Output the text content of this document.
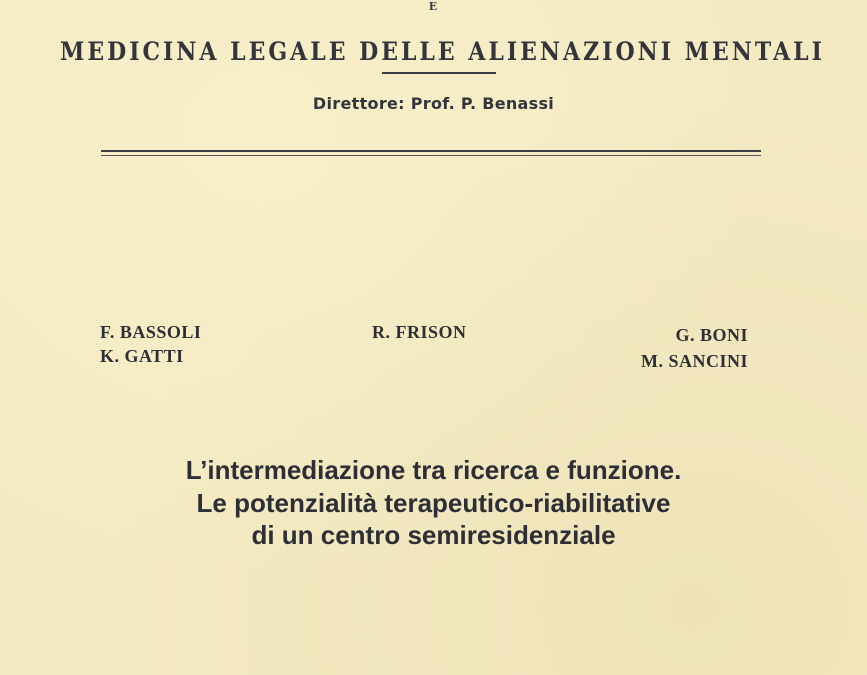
E
MEDICINA LEGALE DELLE ALIENAZIONI MENTALI
Direttore: Prof. P. Benassi
F. BASSOLI
K. GATTI
R. FRISON	G. BONI
M. SANCINI
L’intermediazione tra ricerca e funzione.
Le potenzialità terapeutico-riabilitative
di un centro semiresidenziale
